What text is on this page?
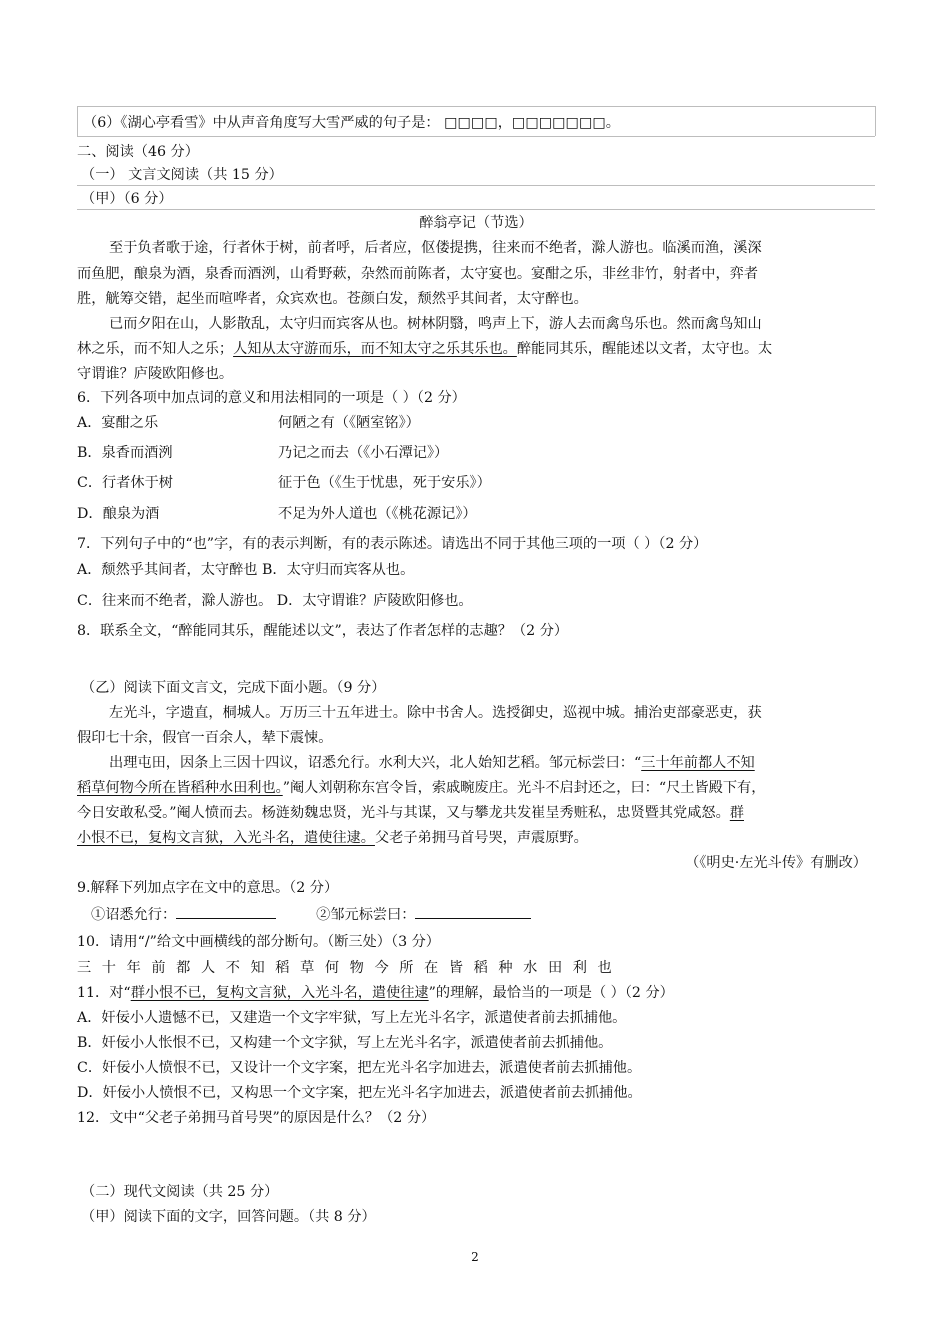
（6）《湖心亭看雪》中从声音角度写大雪严威的句子是： □□□□，□□□□□□□。
二、阅读（46 分）
（一） 文言文阅读（共 15 分）
（甲）（6 分）
醉翁亭记（节选）
至于负者歌于途，行者休于树，前者呼，后者应，伛偻提携，往来而不绝者，滁人游也。临溪而渔，溪深
而鱼肥，酿泉为酒，泉香而酒洌，山肴野蔌，杂然而前陈者，太守宴也。宴酣之乐，非丝非竹，射者中，弈者
胜，觥筹交错，起坐而喧哗者，众宾欢也。苍颜白发，颓然乎其间者，太守醉也。
已而夕阳在山，人影散乱，太守归而宾客从也。树林阴翳，鸣声上下，游人去而禽鸟乐也。然而禽鸟知山
林之乐，而不知人之乐；人知从太守游而乐，而不知太守之乐其乐也。醉能同其乐，醒能述以文者，太守也。太
守谓谁？庐陵欧阳修也。
6．下列各项中加点词的意义和用法相同的一项是（ ）（2 分）
A．宴酣之乐	何陋之有（《陋室铭》）
B．泉香而酒洌	乃记之而去（《小石潭记》）
C．行者休于树	征于色（《生于忧患，死于安乐》）
D．酿泉为酒	不足为外人道也（《桃花源记》）
7．下列句子中的“也”字，有的表示判断，有的表示陈述。请选出不同于其他三项的一项（ ）（2 分）
A．颓然乎其间者，太守醉也 B．太守归而宾客从也。
C．往来而不绝者，滁人游也。 D．太守谓谁？庐陵欧阳修也。
8．联系全文，“醉能同其乐，醒能述以文”，表达了作者怎样的志趣？（2 分）
（乙）阅读下面文言文，完成下面小题。（9 分）
左光斗，字遗直，桐城人。万历三十五年进士。除中书舍人。选授御史，巡视中城。捕治吏部豪恶吏，获
假印七十余，假官一百余人，辇下震悚。
出理屯田，因条上三因十四议，诏悉允行。水利大兴，北人始知艺稻。邹元标尝曰：“三十年前都人不知
稻草何物今所在皆稻种水田利也。”阉人刘朝称东宫令旨，索戚畹废庄。光斗不启封还之，曰：“尺土皆殿下有，
今日安敢私受。”阉人愤而去。杨涟劾魏忠贤，光斗与其谋，又与攀龙共发崔呈秀赃私，忠贤暨其党咸怒。群
小恨不已，复构文言狱，入光斗名，遣使往逮。父老子弟拥马首号哭，声震原野。
（《明史·左光斗传》有删改）
9.解释下列加点字在文中的意思。（2 分）
①诏悉允行：	②邹元标尝曰：
10．请用“/”给文中画横线的部分断句。（断三处）（3 分）
三十年前都人不知稻草何物今所在皆稻种水田利也
11．对“群小恨不已，复构文言狱，入光斗名，遣使往逮”的理解，最恰当的一项是（ ）（2 分）
A．奸佞小人遗憾不已，又建造一个文字牢狱，写上左光斗名字，派遣使者前去抓捕他。
B．奸佞小人怅恨不已，又构建一个文字狱，写上左光斗名字，派遣使者前去抓捕他。
C．奸佞小人愤恨不已，又设计一个文字案，把左光斗名字加进去，派遣使者前去抓捕他。
D．奸佞小人愤恨不已，又构思一个文字案，把左光斗名字加进去，派遣使者前去抓捕他。
12．文中“父老子弟拥马首号哭”的原因是什么？（2 分）
（二）现代文阅读（共 25 分）
（甲）阅读下面的文字，回答问题。（共 8 分）
2
